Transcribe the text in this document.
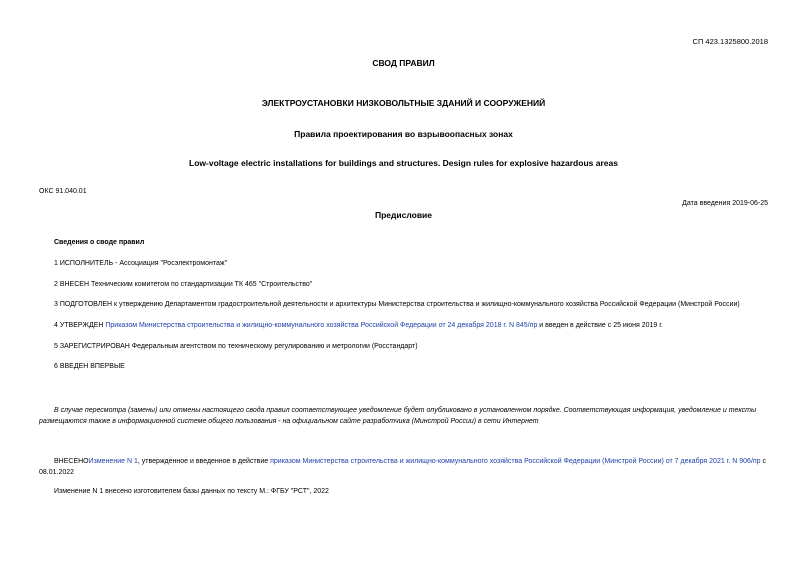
СП 423.1325800.2018
СВОД ПРАВИЛ
ЭЛЕКТРОУСТАНОВКИ НИЗКОВОЛЬТНЫЕ ЗДАНИЙ И СООРУЖЕНИЙ
Правила проектирования во взрывоопасных зонах
Low-voltage electric installations for buildings and structures. Design rules for explosive hazardous areas
ОКС 91.040.01
Дата введения 2019-06-25
Предисловие
Сведения о своде правил
1 ИСПОЛНИТЕЛЬ - Ассоциация "Росэлектромонтаж"
2 ВНЕСЕН Техническим комитетом по стандартизации ТК 465 "Строительство"
3 ПОДГОТОВЛЕН к утверждению Департаментом градостроительной деятельности и архитектуры Министерства строительства и жилищно-коммунального хозяйства Российской Федерации (Минстрой России)
4 УТВЕРЖДЕН Приказом Министерства строительства и жилищно-коммунального хозяйства Российской Федерации от 24 декабря 2018 г. N 845/пр и введен в действие с 25 июня 2019 г.
5 ЗАРЕГИСТРИРОВАН Федеральным агентством по техническому регулированию и метрологии (Росстандарт)
6 ВВЕДЕН ВПЕРВЫЕ
В случае пересмотра (замены) или отмены настоящего свода правил соответствующее уведомление будет опубликовано в установленном порядке. Соответствующая информация, уведомление и тексты размещаются также в информационной системе общего пользования - на официальном сайте разработчика (Минстрой России) в сети Интернет
ВНЕСЕНОИзменение N 1, утвержденное и введенное в действие приказом Министерства строительства и жилищно-коммунального хозяйства Российской Федерации (Минстрой России) от 7 декабря 2021 г. N 906/пр с 08.01.2022
Изменение N 1 внесено изготовителем базы данных по тексту М.: ФГБУ "РСТ", 2022
